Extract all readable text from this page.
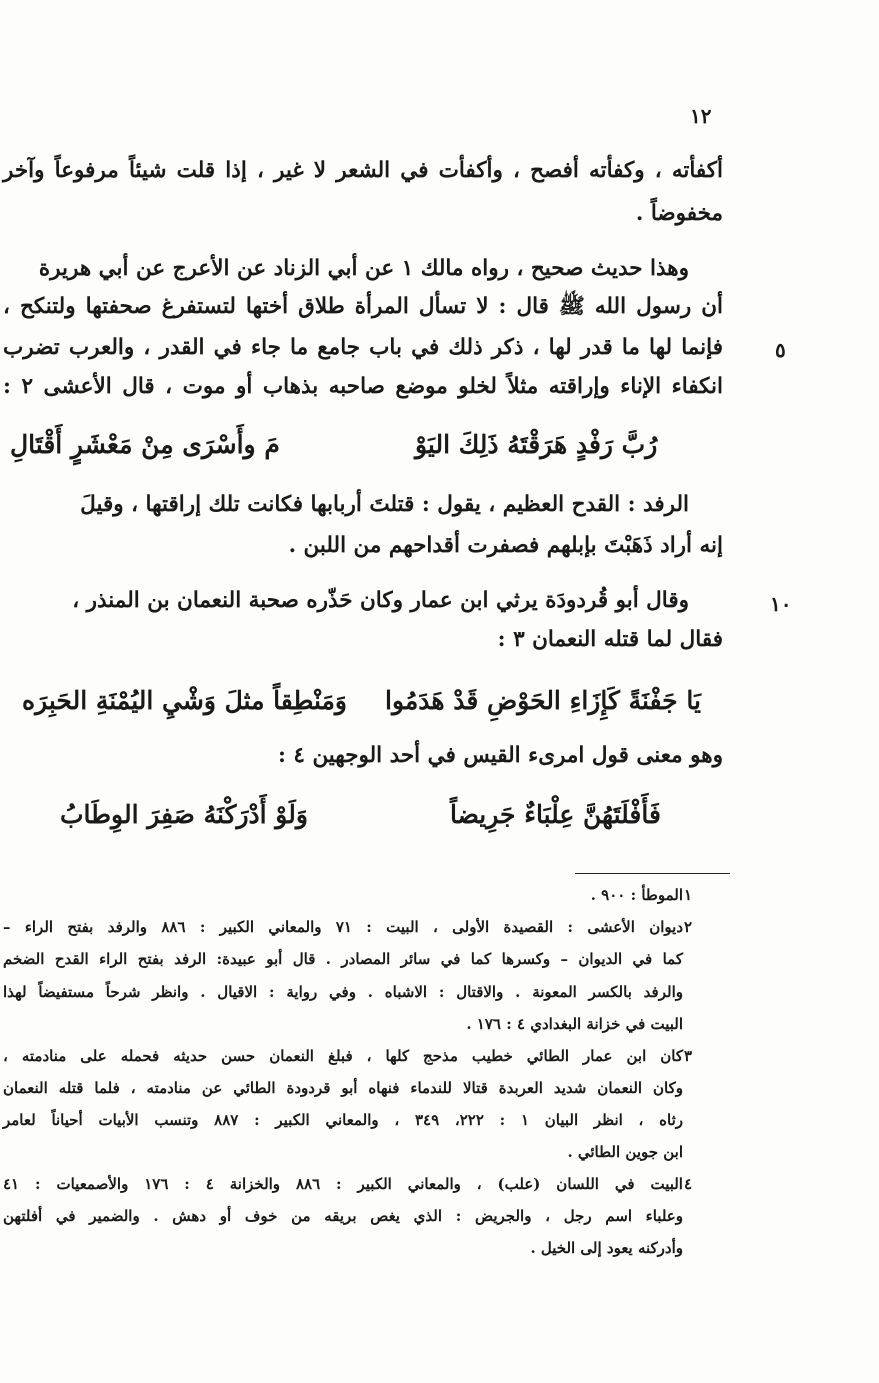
١٢
أكفأته ، وكفأته أفصح ، وأكفأت في الشعر لا غير ، إذا قلت شيئاً مرفوعاً وآخر
مخفوضاً .
وهذا حديث صحيح ، رواه مالك ١ عن أبي الزناد عن الأعرج عن أبي هريرة
أن رسول الله ﷺ قال : لا تسأل المرأة طلاق أختها لتستفرغ صحفتها ولتنكح ،
فإنما لها ما قدر لها ، ذكر ذلك في باب جامع ما جاء في القدر ، والعرب تضرب
انكفاء الإناء وإراقته مثلاً لخلو موضع صاحبه بذهاب أو موت ، قال الأعشى ٢ :
٥
رُبَّ رَفْدٍ هَرَقْتَهُ ذَلِكَ اليَوْ
مَ وأَسْرَى مِنْ مَعْشَرٍ أَقْتَالِ
الرفد : القدح العظيم ، يقول : قتلتَ أربابها فكانت تلك إراقتها ، وقيلَ
إنه أراد ذَهَبْتَ بإبلهم فصفرت أقداحهم من اللبن .
وقال أبو قُردودَة يرثي ابن عمار وكان حَذّره صحبة النعمان بن المنذر ،
فقال لما قتله النعمان ٣ :
١٠
يَا جَفْنَةً كَإِزَاءِ الحَوْضِ قَدْ هَدَمُوا
وَمَنْطِقاً مثلَ وَشْيِ اليُمْنَةِ الحَبِرَه
وهو معنى قول امرىء القيس في أحد الوجهين ٤ :
فَأَفْلَتَهُنَّ عِلْبَاءٌ جَرِيضاً
وَلَوْ أَدْرَكْنَهُ صَفِرَ الوِطَابُ
١
الموطأ : ٩٠٠ .
٢
ديوان الأعشى : القصيدة الأولى ، البيت : ٧١ والمعاني الكبير : ٨٨٦ والرفد بفتح الراء –
كما في الديوان – وكسرها كما في سائر المصادر . قال أبو عبيدة: الرفد بفتح الراء القدح الضخم
والرفد بالكسر المعونة . والاقتال : الاشباه . وفي رواية : الاقيال . وانظر شرحاً مستفيضاً لهذا
البيت في خزانة البغدادي ٤ : ١٧٦ .
٣
كان ابن عمار الطائي خطيب مذحج كلها ، فبلغ النعمان حسن حديثه فحمله على منادمته ،
وكان النعمان شديد العربدة قتالا للندماء فنهاه أبو قردودة الطائي عن منادمته ، فلما قتله النعمان
رثاه ، انظر البيان ١ : ٢٢٢، ٣٤٩ ، والمعاني الكبير : ٨٨٧ وتنسب الأبيات أحياناً لعامر
ابن جوين الطائي .
٤
البيت في اللسان (علب) ، والمعاني الكبير : ٨٨٦ والخزانة ٤ : ١٧٦ والأصمعيات : ٤١
وعلباء اسم رجل ، والجريض : الذي يغص بريقه من خوف أو دهش . والضمير في أفلتهن
وأدركنه يعود إلى الخيل .
